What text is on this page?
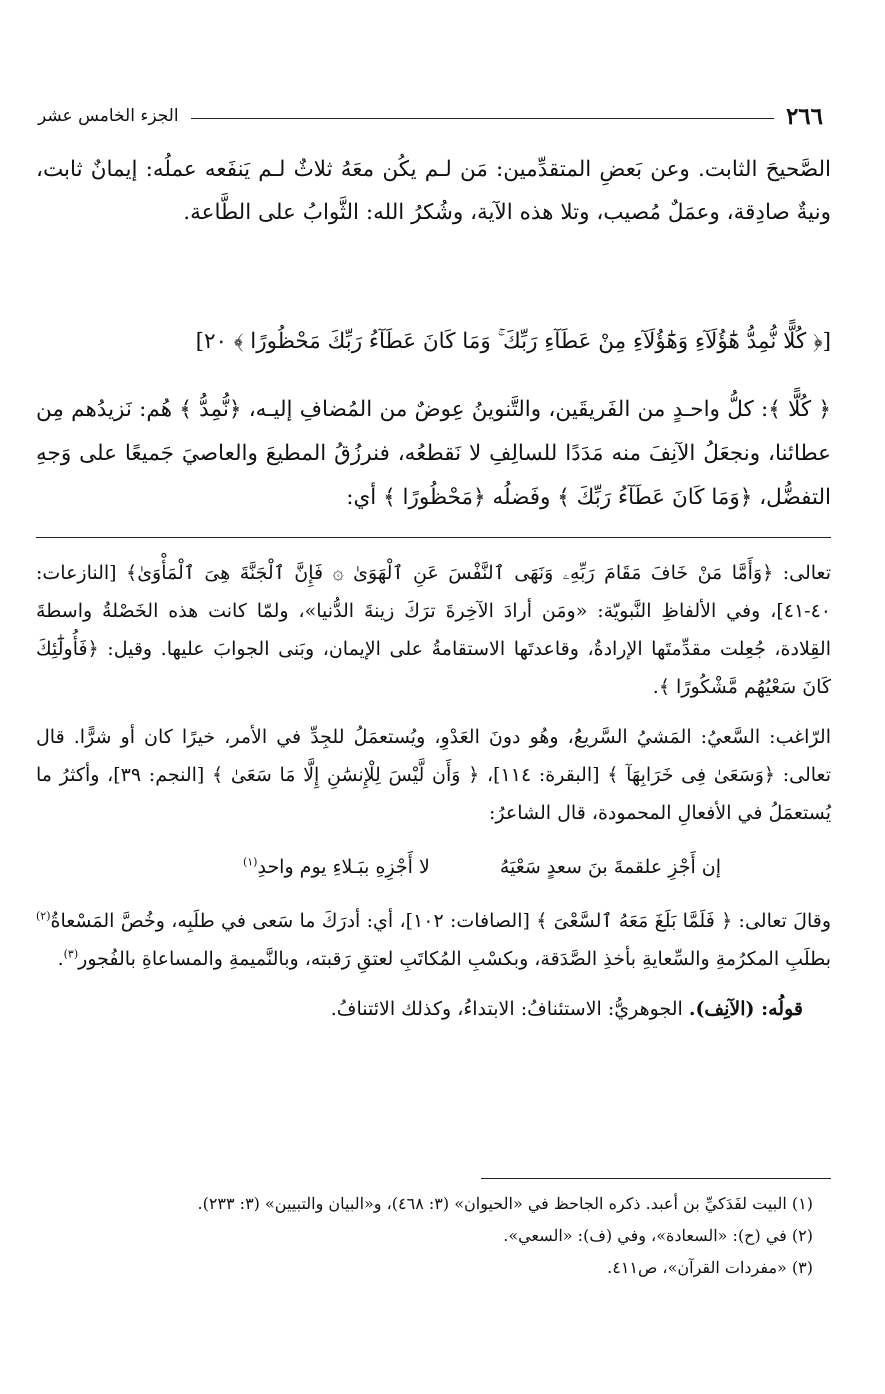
٢٦٦
الجزء الخامس عشر

الصَّحيحَ الثابت. وعن بَعضِ المتقدِّمين: مَن لـم يكُن معَهُ ثلاثٌ لـم يَنفَعه عملُه: إيمانٌ ثابت، ونيةٌ صادِقة، وعمَلٌ مُصيب، وتلا هذه الآية، وشُكرُ الله: الثَّوابُ على الطَّاعة.

[﴿ كُلًّا نُّمِدُّ هَٰٓؤُلَآءِ وَهَٰٓؤُلَآءِ مِنْ عَطَآءِ رَبِّكَ ۚ وَمَا كَانَ عَطَآءُ رَبِّكَ مَحْظُورًا ﴾ ٢٠]

﴿ كُلًّا ﴾: كلُّ واحـدٍ من الفَريقَين، والتَّنوينُ عِوضٌ من المُضافِ إليـه، ﴿نُّمِدُّ ﴾ هُم: نَزيدُهم مِن عطائنا، ونجعَلُ الآنِفَ منه مَدَدًا للسالِفِ لا نَقطعُه، فنرزُقُ المطيعَ والعاصيَ جَميعًا على وَجهِ التفضُّل، ﴿وَمَا كَانَ عَطَآءُ رَبِّكَ ﴾ وفَضلُه ﴿مَحْظُورًا ﴾ أي:

تعالى: ﴿وَأَمَّا مَنْ خَافَ مَقَامَ رَبِّهِۦ وَنَهَى ٱلنَّفْسَ عَنِ ٱلْهَوَىٰ ۞ فَإِنَّ ٱلْجَنَّةَ هِىَ ٱلْمَأْوَىٰ﴾ [النازعات: ٤٠-٤١]، وفي الألفاظِ النَّبويّة: «ومَن أرادَ الآخِرةَ ترَكَ زينةَ الدُّنيا»، ولمّا كانت هذه الخَصْلةُ واسطةَ القِلادة، جُعِلت مقدِّمتَها الإرادةُ، وقاعدتَها الاستقامةُ على الإيمان، وبَنى الجوابَ عليها. وقيل: ﴿فَأُولَٰٓئِكَ كَانَ سَعْيُهُم مَّشْكُورًا ﴾.

الرّاغب: السَّعيُ: المَشيُ السَّريعُ، وهُو دونَ العَدْوِ، ويُستعمَلُ للجِدِّ في الأمر، خيرًا كان أو شرًّا. قال تعالى: ﴿وَسَعَىٰ فِى خَرَابِهَآ ﴾ [البقرة: ١١٤]، ﴿ وَأَن لَّيْسَ لِلْإِنسَٰنِ إِلَّا مَا سَعَىٰ ﴾ [النجم: ٣٩]، وأكثرُ ما يُستعمَلُ في الأفعالِ المحمودة، قال الشاعرُ:

إن أَجْزِ علقمةَ بنَ سعدٍ سَعْيَهُ
لا أَجْزِهِ ببَـلاءِ يوم واحدِ$^{(١)}$

وقالَ تعالى: ﴿ فَلَمَّا بَلَغَ مَعَهُ ٱلسَّعْىَ ﴾ [الصافات: ١٠٢]، أي: أدرَكَ ما سَعى في طلَبِه، وخُصَّ المَسْعاةُ$^{(٢)}$ بطلَبِ المكرُمةِ والسِّعايةِ بأخذِ الصَّدَقة، وبكسْبِ المُكاتَبِ لعتقِ رَقبته، وبالنَّميمةِ والمساعاةِ بالفُجور$^{(٣)}$.

قولُه: (الآنِف). الجوهريُّ: الاستئنافُ: الابتداءُ، وكذلك الائتنافُ.

(١) البيت لفَدَكيِّ بن أعبد. ذكره الجاحظ في «الحيوان» (٣: ٤٦٨)، و«البيان والتبيين» (٣: ٢٣٣).

(٢) في (ح): «السعادة»، وفي (ف): «السعي».

(٣) «مفردات القرآن»، ص٤١١.
